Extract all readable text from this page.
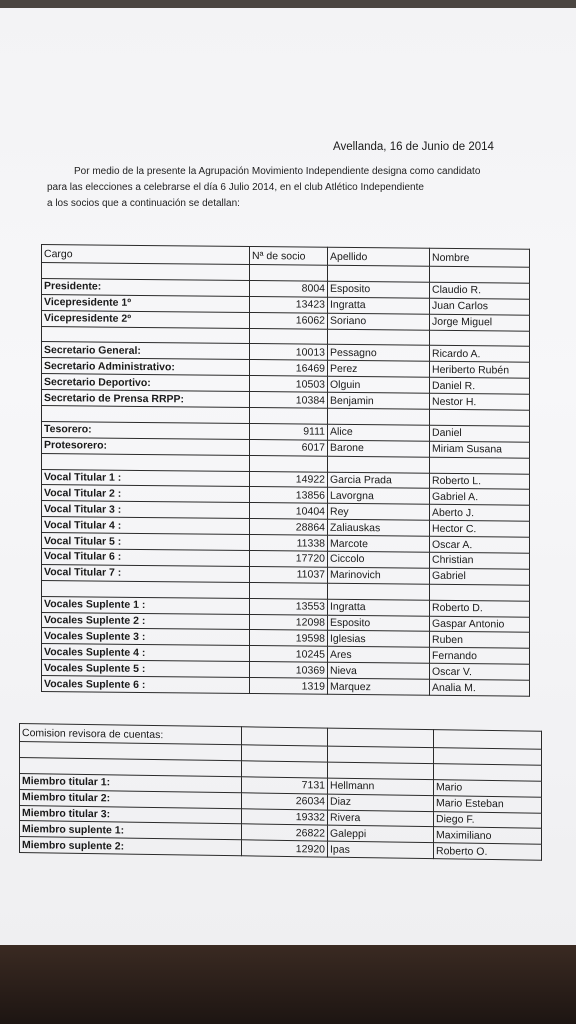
Avellanda, 16 de Junio de 2014
Por medio de la presente la Agrupación Movimiento Independiente designa como candidato
para las elecciones a celebrarse el día 6 Julio 2014, en el club Atlético Independiente
a los socios que a continuación se detallan:
Cargo	Nª de socio	Apellido	Nombre

Presidente:	8004	Esposito	Claudio R.
Vicepresidente 1º	13423	Ingratta	Juan Carlos
Vicepresidente 2º	16062	Soriano	Jorge Miguel

Secretario General:	10013	Pessagno	Ricardo A.
Secretario Administrativo:	16469	Perez	Heriberto Rubén
Secretario Deportivo:	10503	Olguin	Daniel R.
Secretario de Prensa RRPP:	10384	Benjamin	Nestor H.

Tesorero:	9111	Alice	Daniel
Protesorero:	6017	Barone	Miriam Susana

Vocal Titular 1 :	14922	Garcia Prada	Roberto L.
Vocal Titular 2 :	13856	Lavorgna	Gabriel A.
Vocal Titular 3 :	10404	Rey	Aberto J.
Vocal Titular 4 :	28864	Zaliauskas	Hector C.
Vocal Titular 5 :	11338	Marcote	Oscar A.
Vocal Titular 6 :	17720	Ciccolo	Christian
Vocal Titular 7 :	11037	Marinovich	Gabriel

Vocales Suplente 1 :	13553	Ingratta	Roberto D.
Vocales Suplente 2 :	12098	Esposito	Gaspar Antonio
Vocales Suplente 3 :	19598	Iglesias	Ruben
Vocales Suplente 4 :	10245	Ares	Fernando
Vocales Suplente 5 :	10369	Nieva	Oscar V.
Vocales Suplente 6 :	1319	Marquez	Analia M.
Comision revisora de cuentas:			

Miembro titular 1:	7131	Hellmann	Mario
Miembro titular 2:	26034	Diaz	Mario Esteban
Miembro titular 3:	19332	Rivera	Diego F.
Miembro suplente 1:	26822	Galeppi	Maximiliano
Miembro suplente 2:	12920	Ipas	Roberto O.
